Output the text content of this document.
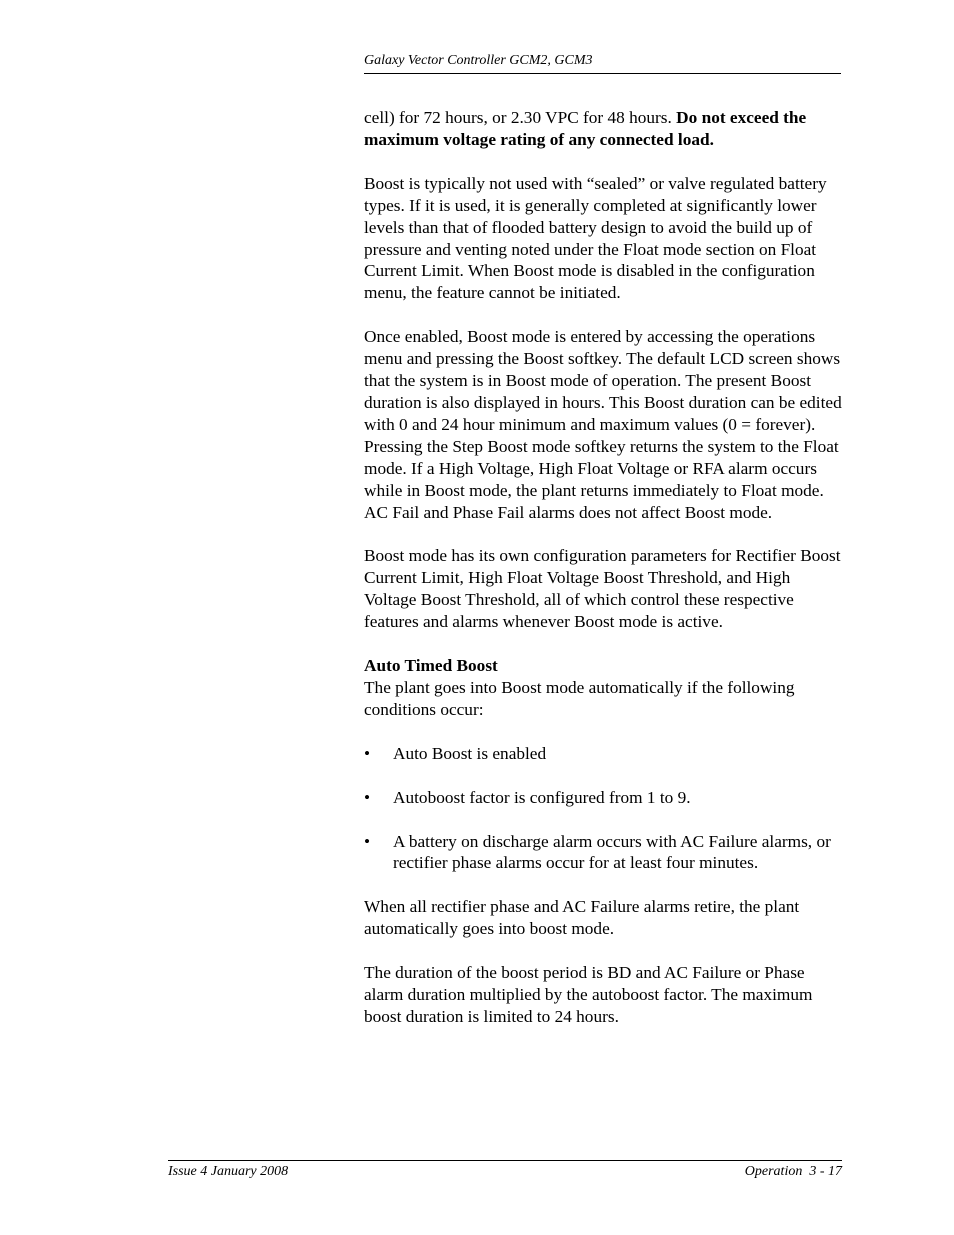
Galaxy Vector Controller GCM2, GCM3

cell) for 72 hours, or 2.30 VPC for 48 hours. Do not exceed the maximum voltage rating of any connected load.

Boost is typically not used with “sealed” or valve regulated battery types. If it is used, it is generally completed at significantly lower levels than that of flooded battery design to avoid the build up of pressure and venting noted under the Float mode section on Float Current Limit. When Boost mode is disabled in the configuration menu, the feature cannot be initiated.

Once enabled, Boost mode is entered by accessing the operations menu and pressing the Boost softkey. The default LCD screen shows that the system is in Boost mode of operation. The present Boost duration is also displayed in hours. This Boost duration can be edited with 0 and 24 hour minimum and maximum values (0 = forever). Pressing the Step Boost mode softkey returns the system to the Float mode. If a High Voltage, High Float Voltage or RFA alarm occurs while in Boost mode, the plant returns immediately to Float mode. AC Fail and Phase Fail alarms does not affect Boost mode.

Boost mode has its own configuration parameters for Rectifier Boost Current Limit, High Float Voltage Boost Threshold, and High Voltage Boost Threshold, all of which control these respective features and alarms whenever Boost mode is active.

Auto Timed Boost

The plant goes into Boost mode automatically if the following conditions occur:

• Auto Boost is enabled
• Autoboost factor is configured from 1 to 9.
• A battery on discharge alarm occurs with AC Failure alarms, or rectifier phase alarms occur for at least four minutes.

When all rectifier phase and AC Failure alarms retire, the plant automatically goes into boost mode.

The duration of the boost period is BD and AC Failure or Phase alarm duration multiplied by the autoboost factor. The maximum boost duration is limited to 24 hours.

Issue 4 January 2008	Operation  3 - 17
